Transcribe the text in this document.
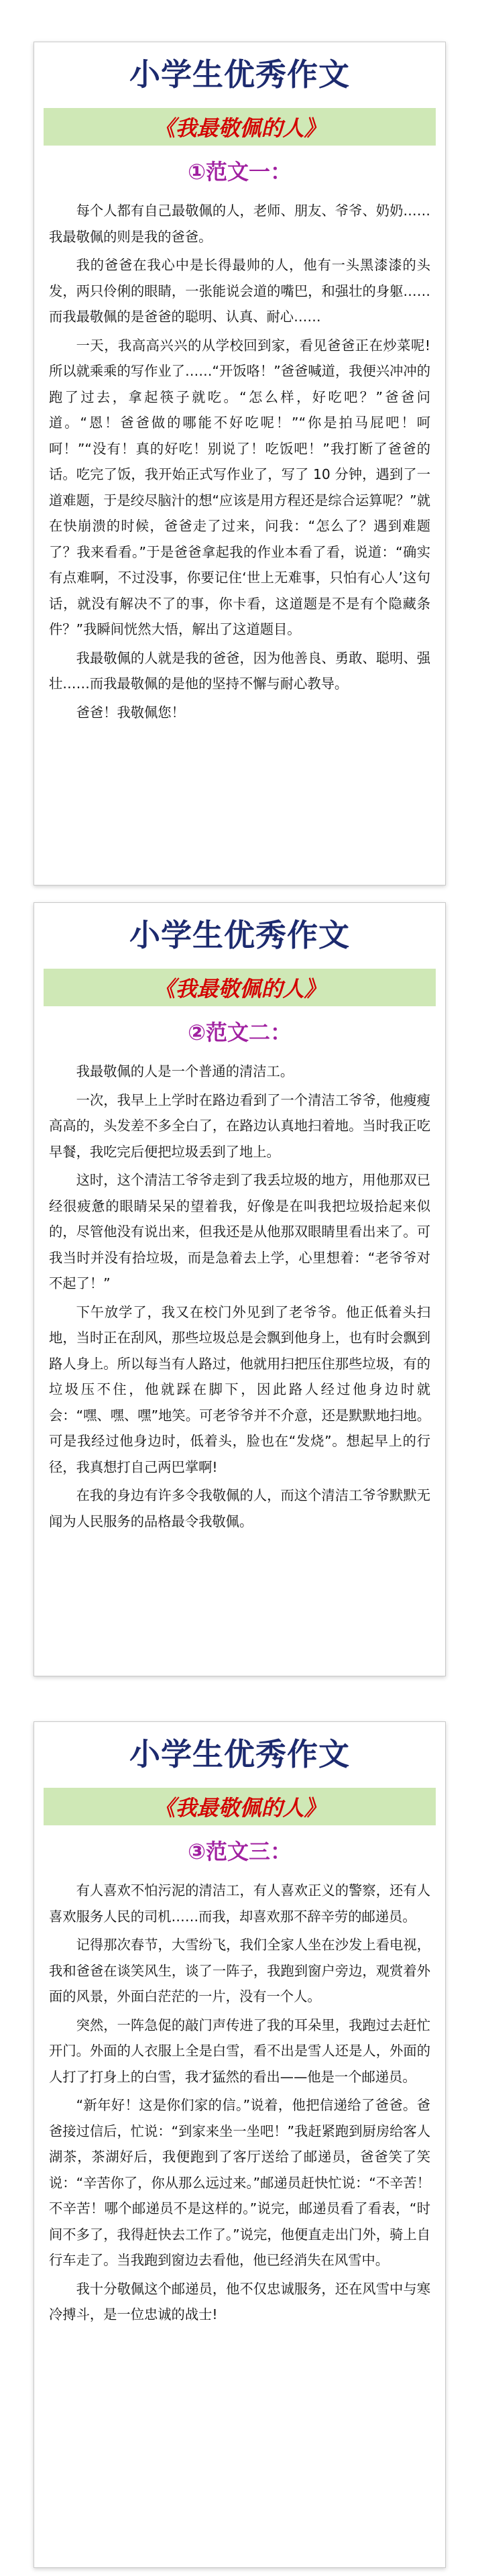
小学生优秀作文
《我最敬佩的人》
①范文一：

每个人都有自己最敬佩的人，老师、朋友、爷爷、奶奶……我最敬佩的则是我的爸爸。

我的爸爸在我心中是长得最帅的人，他有一头黑漆漆的头发，两只伶俐的眼睛，一张能说会道的嘴巴，和强壮的身躯……而我最敬佩的是爸爸的聪明、认真、耐心……

一天，我高高兴兴的从学校回到家，看见爸爸正在炒菜呢!所以就乘乘的写作业了……“开饭咯！”爸爸喊道，我便兴冲冲的跑了过去，拿起筷子就吃。“怎么样，好吃吧？”爸爸问道。“恩！爸爸做的哪能不好吃呢！”“你是拍马屁吧！呵呵！”“没有！真的好吃！别说了！吃饭吧！”我打断了爸爸的话。吃完了饭，我开始正式写作业了，写了 10 分钟，遇到了一道难题，于是绞尽脑汁的想“应该是用方程还是综合运算呢？”就在快崩溃的时候，爸爸走了过来，问我：“怎么了？遇到难题了？我来看看。”于是爸爸拿起我的作业本看了看，说道：“确实有点难啊，不过没事，你要记住‘世上无难事，只怕有心人’这句话，就没有解决不了的事，你卡看，这道题是不是有个隐藏条件？”我瞬间恍然大悟，解出了这道题目。

我最敬佩的人就是我的爸爸，因为他善良、勇敢、聪明、强壮……而我最敬佩的是他的坚持不懈与耐心教导。

爸爸！我敬佩您！

小学生优秀作文
《我最敬佩的人》
②范文二：

我最敬佩的人是一个普通的清洁工。

一次，我早上上学时在路边看到了一个清洁工爷爷，他瘦瘦高高的，头发差不多全白了，在路边认真地扫着地。当时我正吃早餐，我吃完后便把垃圾丢到了地上。

这时，这个清洁工爷爷走到了我丢垃圾的地方，用他那双已经很疲惫的眼睛呆呆的望着我，好像是在叫我把垃圾拾起来似的，尽管他没有说出来，但我还是从他那双眼睛里看出来了。可我当时并没有拾垃圾，而是急着去上学，心里想着：“老爷爷对不起了！”

下午放学了，我又在校门外见到了老爷爷。他正低着头扫地，当时正在刮风，那些垃圾总是会飘到他身上，也有时会飘到路人身上。所以每当有人路过，他就用扫把压住那些垃圾，有的垃圾压不住，他就踩在脚下，因此路人经过他身边时就会：“嘿、嘿、嘿”地笑。可老爷爷并不介意，还是默默地扫地。可是我经过他身边时，低着头，脸也在“发烧”。想起早上的行径，我真想打自己两巴掌啊!

在我的身边有许多令我敬佩的人，而这个清洁工爷爷默默无闻为人民服务的品格最令我敬佩。

小学生优秀作文
《我最敬佩的人》
③范文三：

有人喜欢不怕污泥的清洁工，有人喜欢正义的警察，还有人喜欢服务人民的司机……而我，却喜欢那不辞辛劳的邮递员。

记得那次春节，大雪纷飞，我们全家人坐在沙发上看电视，我和爸爸在谈笑风生，谈了一阵子，我跑到窗户旁边，观赏着外面的风景，外面白茫茫的一片，没有一个人。

突然，一阵急促的敲门声传进了我的耳朵里，我跑过去赶忙开门。外面的人衣服上全是白雪，看不出是雪人还是人，外面的人打了打身上的白雪，我才猛然的看出——他是一个邮递员。

“新年好！这是你们家的信。”说着，他把信递给了爸爸。爸爸接过信后，忙说：“到家来坐一坐吧！”我赶紧跑到厨房给客人湖茶，茶湖好后，我便跑到了客厅送给了邮递员，爸爸笑了笑说：“辛苦你了，你从那么远过来。”邮递员赶快忙说：“不辛苦！不辛苦！哪个邮递员不是这样的。”说完，邮递员看了看表，“时间不多了，我得赶快去工作了。”说完，他便直走出门外，骑上自行车走了。当我跑到窗边去看他，他已经消失在风雪中。

我十分敬佩这个邮递员，他不仅忠诚服务，还在风雪中与寒冷搏斗，是一位忠诚的战士!
